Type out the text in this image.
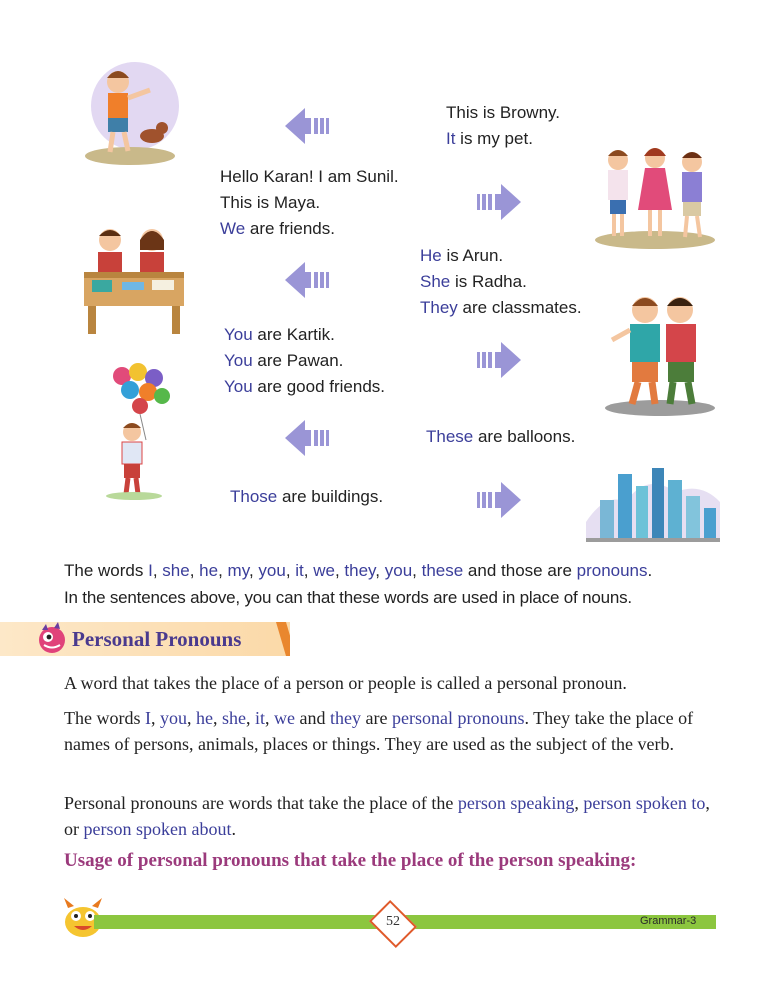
This is Browny.
It is my pet.
Hello Karan! I am Sunil.
This is Maya.
We are friends.
He is Arun.
She is Radha.
They are classmates.
You are Kartik.
You are Pawan.
You are good friends.
These are balloons.
Those are buildings.
The words I, she, he, my, you, it, we, they, you, these and those are pronouns.
In the sentences above, you can that these words are used in place of nouns.
Personal Pronouns
A word that takes the place of a person or people is called a personal pronoun.
The words I, you, he, she, it, we and they are personal pronouns. They take the place of names of persons, animals, places or things. They are used as the subject of the verb.
Personal pronouns are words that take the place of the person speaking, person spoken to, or person spoken about.
Usage of personal pronouns that take the place of the person speaking:
52	Grammar-3
